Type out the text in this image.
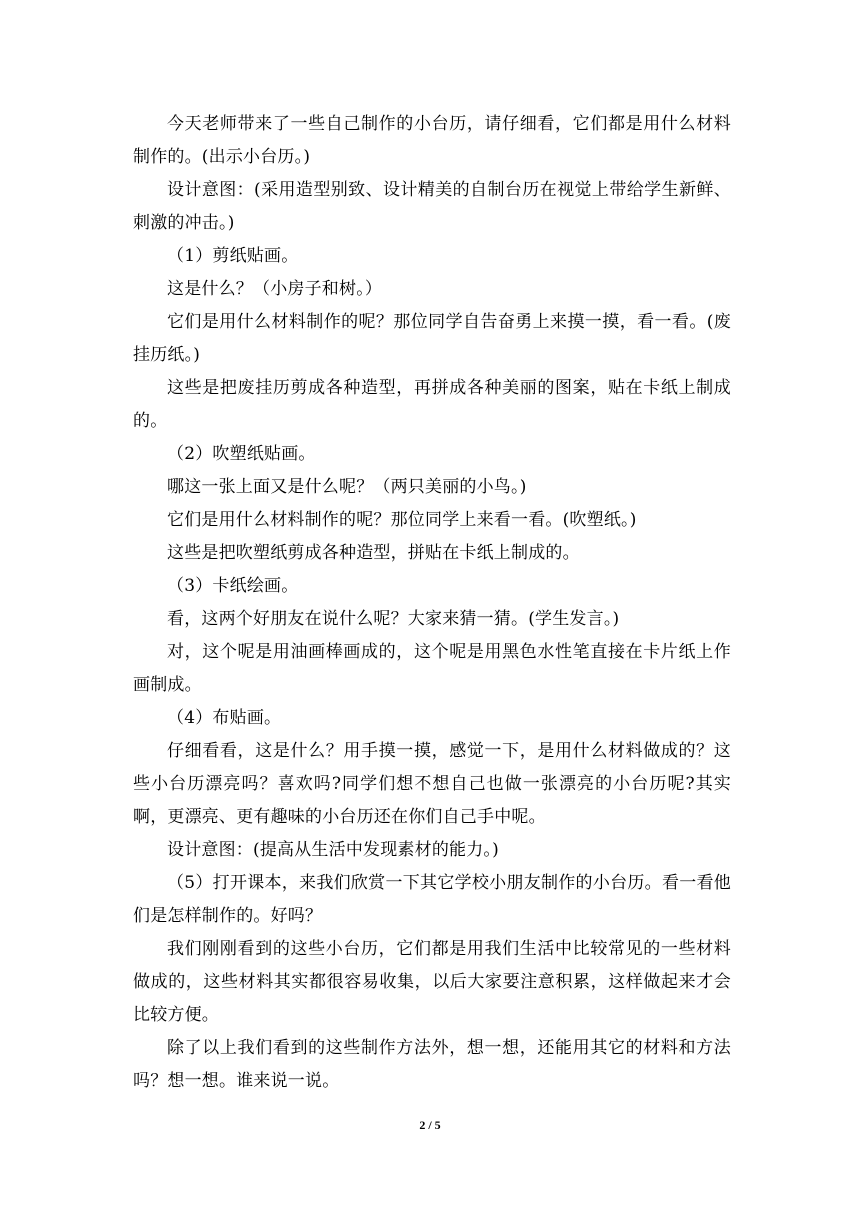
今天老师带来了一些自己制作的小台历，请仔细看，它们都是用什么材料制作的。(出示小台历。)

设计意图：(采用造型别致、设计精美的自制台历在视觉上带给学生新鲜、刺激的冲击。)

（1）剪纸贴画。

这是什么？（小房子和树。）

它们是用什么材料制作的呢？那位同学自告奋勇上来摸一摸，看一看。(废挂历纸。)

这些是把废挂历剪成各种造型，再拼成各种美丽的图案，贴在卡纸上制成的。

（2）吹塑纸贴画。

哪这一张上面又是什么呢？（两只美丽的小鸟。)

它们是用什么材料制作的呢？那位同学上来看一看。(吹塑纸。)

这些是把吹塑纸剪成各种造型，拼贴在卡纸上制成的。

（3）卡纸绘画。

看，这两个好朋友在说什么呢？大家来猜一猜。(学生发言。)

对，这个呢是用油画棒画成的，这个呢是用黑色水性笔直接在卡片纸上作画制成。

（4）布贴画。

仔细看看，这是什么？用手摸一摸，感觉一下，是用什么材料做成的？这些小台历漂亮吗？喜欢吗?同学们想不想自己也做一张漂亮的小台历呢?其实啊，更漂亮、更有趣味的小台历还在你们自己手中呢。

设计意图：(提高从生活中发现素材的能力。)

（5）打开课本，来我们欣赏一下其它学校小朋友制作的小台历。看一看他们是怎样制作的。好吗？

我们刚刚看到的这些小台历，它们都是用我们生活中比较常见的一些材料做成的，这些材料其实都很容易收集，以后大家要注意积累，这样做起来才会比较方便。

除了以上我们看到的这些制作方法外，想一想，还能用其它的材料和方法吗？想一想。谁来说一说。

2 / 5
